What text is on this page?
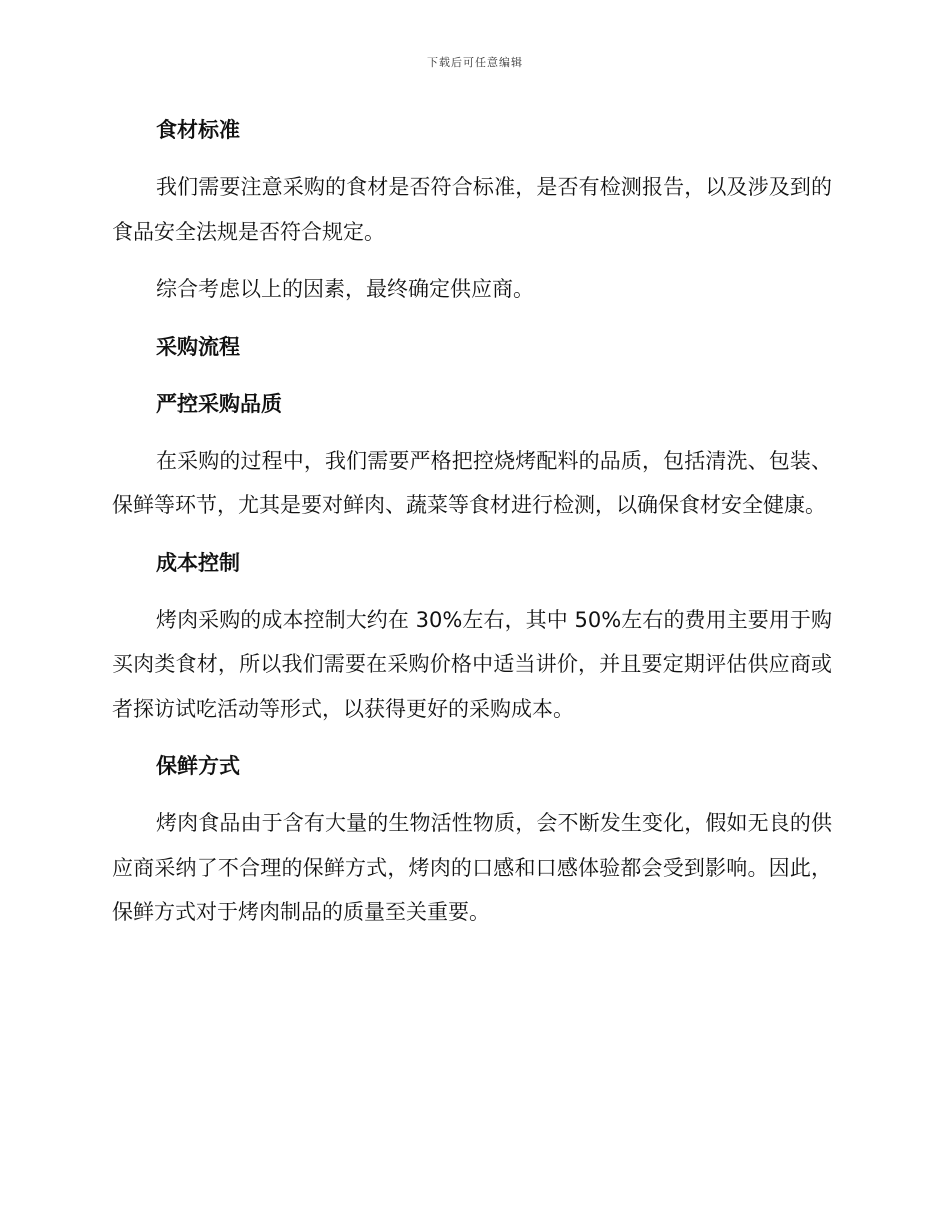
下载后可任意编辑
食材标准
我们需要注意采购的食材是否符合标准，是否有检测报告，以及涉及到的食品安全法规是否符合规定。
综合考虑以上的因素，最终确定供应商。
采购流程
严控采购品质
在采购的过程中，我们需要严格把控烧烤配料的品质，包括清洗、包装、保鲜等环节，尤其是要对鲜肉、蔬菜等食材进行检测，以确保食材安全健康。
成本控制
烤肉采购的成本控制大约在 30%左右，其中 50%左右的费用主要用于购买肉类食材，所以我们需要在采购价格中适当讲价，并且要定期评估供应商或者探访试吃活动等形式，以获得更好的采购成本。
保鲜方式
烤肉食品由于含有大量的生物活性物质，会不断发生变化，假如无良的供应商采纳了不合理的保鲜方式，烤肉的口感和口感体验都会受到影响。因此，保鲜方式对于烤肉制品的质量至关重要。
